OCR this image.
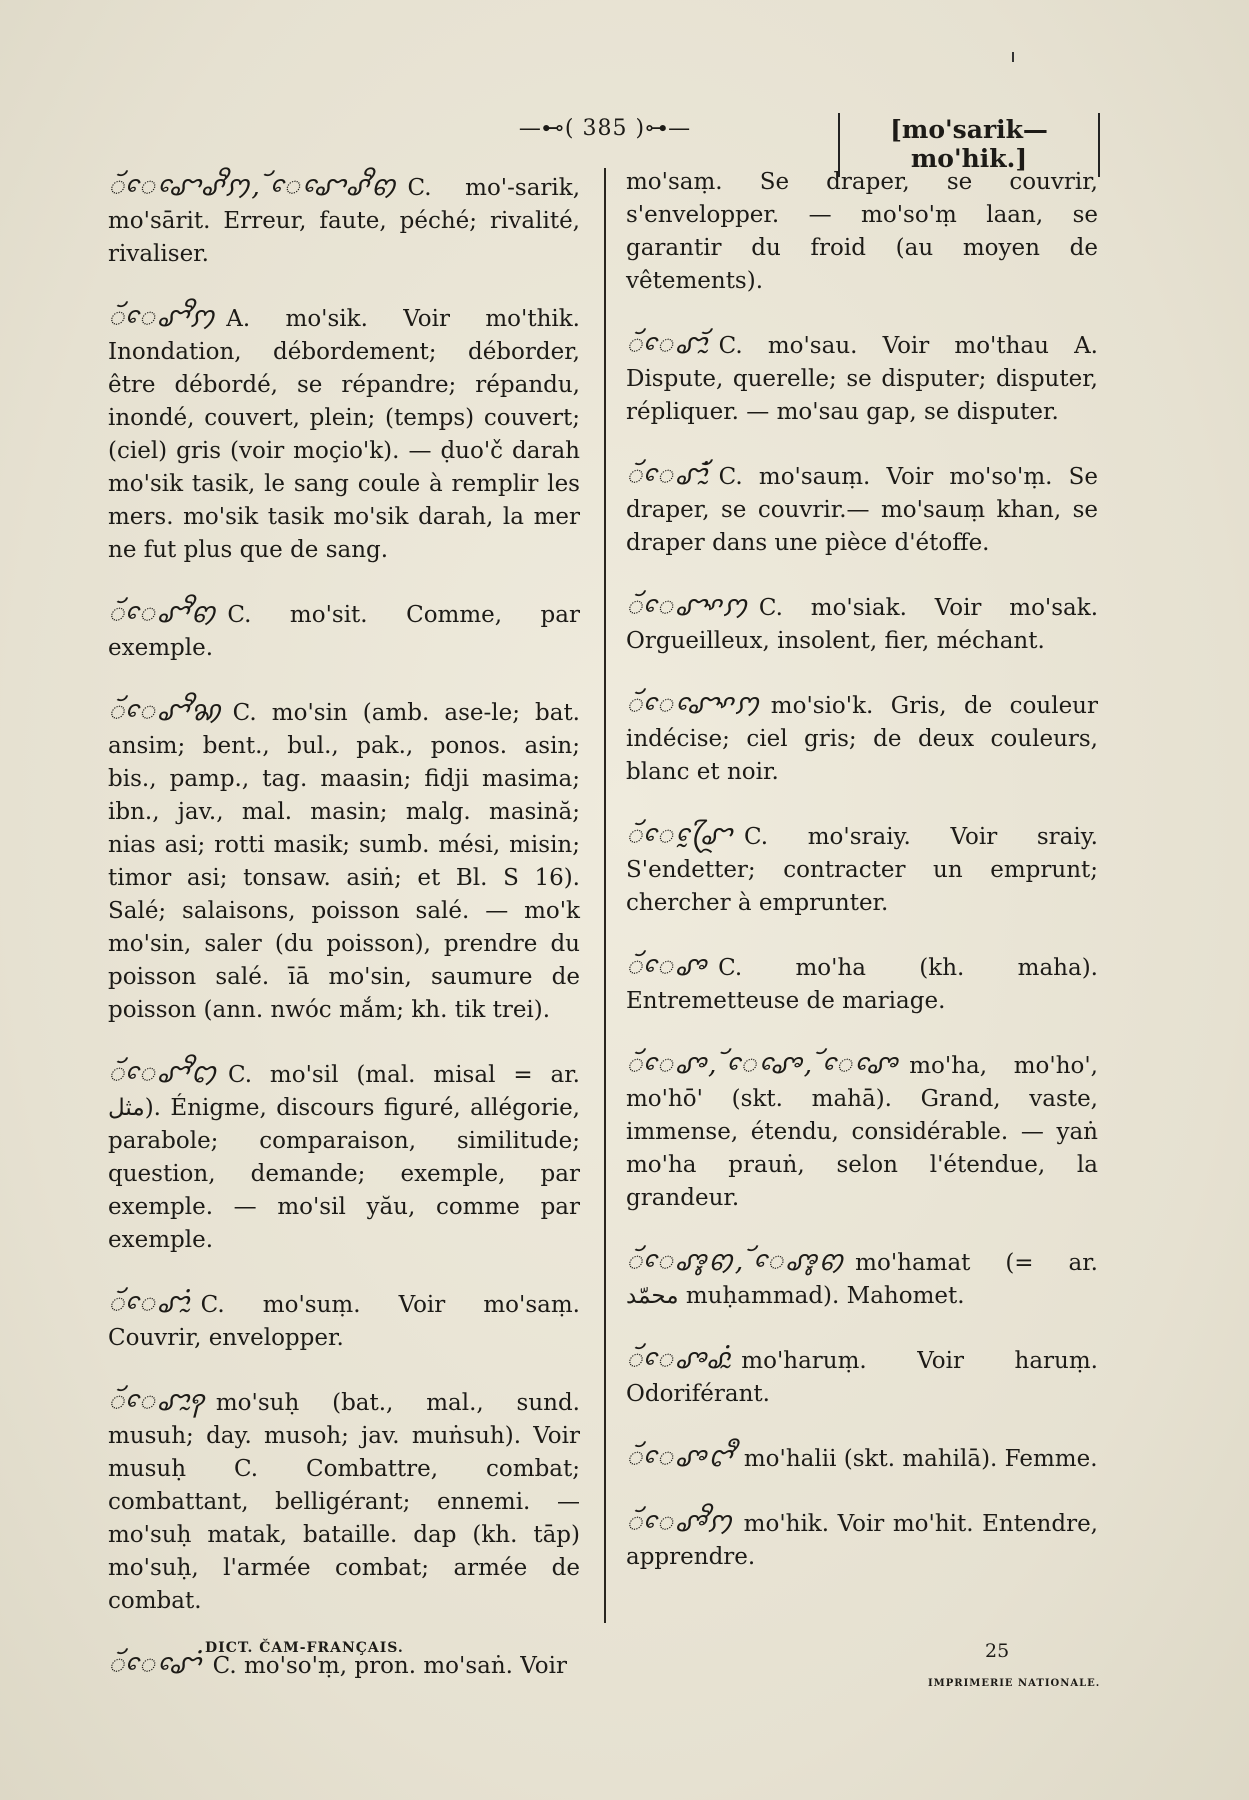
—⊷( 385 )⊶—	[mo'sarik—mo'hik.]
ꨮꨯꨧꨯꨣꨪꩀ, ꨮꨯꨧꨯꨣꨪꩅ C. mo'-sarik, mo'sārit. Erreur, faute, péché; rivalité, rivaliser.
ꨮꨯꨧꨪꩀ A. mo'sik. Voir mo'thik. Inondation, débordement; déborder, être débordé, se répandre; répandu, inondé, couvert, plein; (temps) couvert; (ciel) gris (voir moçio'k). — ḍuo'č darah mo'sik tasik, le sang coule à remplir les mers. mo'sik tasik mo'sik darah, la mer ne fut plus que de sang.
ꨮꨯꨧꨪꩅ C. mo'sit. Comme, par exemple.
ꨮꨯꨧꨪꩆ C. mo'sin (amb. ase-le; bat. ansim; bent., bul., pak., ponos. asin; bis., pamp., tag. maasin; fidji masima; ibn., jav., mal. masin; malg. masină; nias asi; rotti masik; sumb. mési, misin; timor asi; tonsaw. asiṅ; et Bl. S 16). Salé; salaisons, poisson salé. — mo'k mo'sin, saler (du poisson), prendre du poisson salé. īā mo'sin, saumure de poisson (ann. nwóc mắm; kh. tik trei).
ꨮꨯꨧꨪꩊ C. mo'sil (mal. misal = ar. مثل). Énigme, discours figuré, allégorie, parabole; comparaison, similitude; question, demande; exemple, par exemple. — mo'sil yău, comme par exemple.
ꨮꨯꨧꨭꩌ C. mo'suṃ. Voir mo'saṃ. Couvrir, envelopper.
ꨮꨯꨧꨭꩍ mo'suḥ (bat., mal., sund. musuh; day. musoh; jav. muṅsuh). Voir musuḥ C. Combattre, combat; combattant, belligérant; ennemi. — mo'suḥ matak, bataille. dap (kh. tāp) mo'suḥ, l'armée combat; armée de combat.
ꨮꨯꨧꨯꩌ C. mo'so'ṃ, pron. mo'saṅ. Voir
mo'saṃ. Se draper, se couvrir, s'envelopper. — mo'so'ṃ laan, se garantir du froid (au moyen de vêtements).
ꨮꨯꨧꨮꨭ C. mo'sau. Voir mo'thau A. Dispute, querelle; se disputer; disputer, répliquer. — mo'sau gap, se disputer.
ꨮꨯꨧꨮꨭꩌ C. mo'sauṃ. Voir mo'so'ṃ. Se draper, se couvrir.— mo'sauṃ khan, se draper dans une pièce d'étoffe.
ꨮꨯꨧꨳꩀ C. mo'siak. Voir mo'sak. Orgueilleux, insolent, fier, méchant.
ꨮꨯꨧꨳꨯꩀ mo'sio'k. Gris, de couleur indécise; ciel gris; de deux couleurs, blanc et noir.
ꨮꨯꨧꨴꨰ C. mo'sraiy. Voir sraiy. S'endetter; contracter un emprunt; chercher à emprunter.
ꨮꨯꨨ C. mo'ha (kh. maha). Entremetteuse de mariage.
ꨮꨯꨨ, ꨮꨯꨨꨯ, ꨮꨯꨨꨯ mo'ha, mo'ho', mo'hō' (skt. mahā). Grand, vaste, immense, étendu, considérable. — yaṅ mo'ha prauṅ, selon l'étendue, la grandeur.
ꨮꨯꨨꨶꩅ, ꨮꨯꨨꨶꩅ mo'hamat (= ar. محمّد muḥammad). Mahomet.
ꨮꨯꨨꨣꨭꩌ mo'haruṃ. Voir haruṃ. Odoriférant.
ꨮꨯꨨꨤꨫ mo'halii (skt. mahilā). Femme.
ꨮꨯꨨꨪꩀ mo'hik. Voir mo'hit. Entendre, apprendre.
DICT. ČAM-FRANÇAIS.	25
IMPRIMERIE NATIONALE.
